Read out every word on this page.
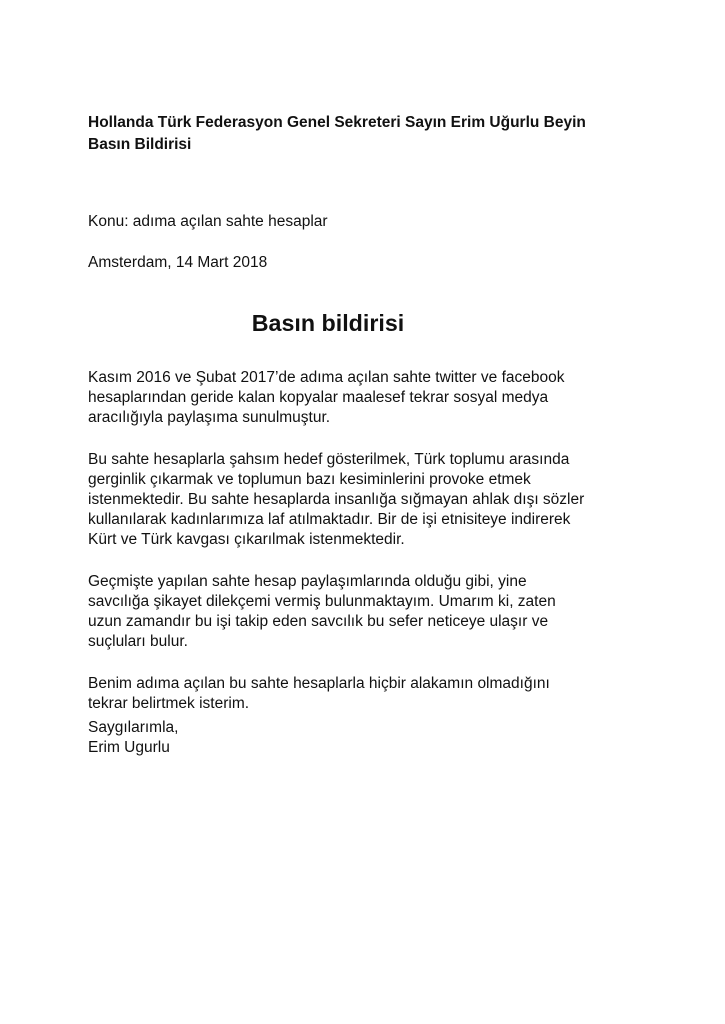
Hollanda Türk Federasyon Genel Sekreteri Sayın Erim Uğurlu Beyin
Basın Bildirisi

Konu: adıma açılan sahte hesaplar

Amsterdam, 14 Mart 2018

Basın bildirisi

Kasım 2016 ve Şubat 2017’de adıma açılan sahte twitter ve facebook
hesaplarından geride kalan kopyalar maalesef tekrar sosyal medya
aracılığıyla paylaşıma sunulmuştur.

Bu sahte hesaplarla şahsım hedef gösterilmek, Türk toplumu arasında
gerginlik çıkarmak ve toplumun bazı kesiminlerini provoke etmek
istenmektedir. Bu sahte hesaplarda insanlığa sığmayan ahlak dışı sözler
kullanılarak kadınlarımıza laf atılmaktadır. Bir de işi etnisiteye indirerek
Kürt ve Türk kavgası çıkarılmak istenmektedir.

Geçmişte yapılan sahte hesap paylaşımlarında olduğu gibi, yine
savcılığa şikayet dilekçemi vermiş bulunmaktayım. Umarım ki, zaten
uzun zamandır bu işi takip eden savcılık bu sefer neticeye ulaşır ve
suçluları bulur.

Benim adıma açılan bu sahte hesaplarla hiçbir alakamın olmadığını
tekrar belirtmek isterim.

Saygılarımla,
Erim Ugurlu
